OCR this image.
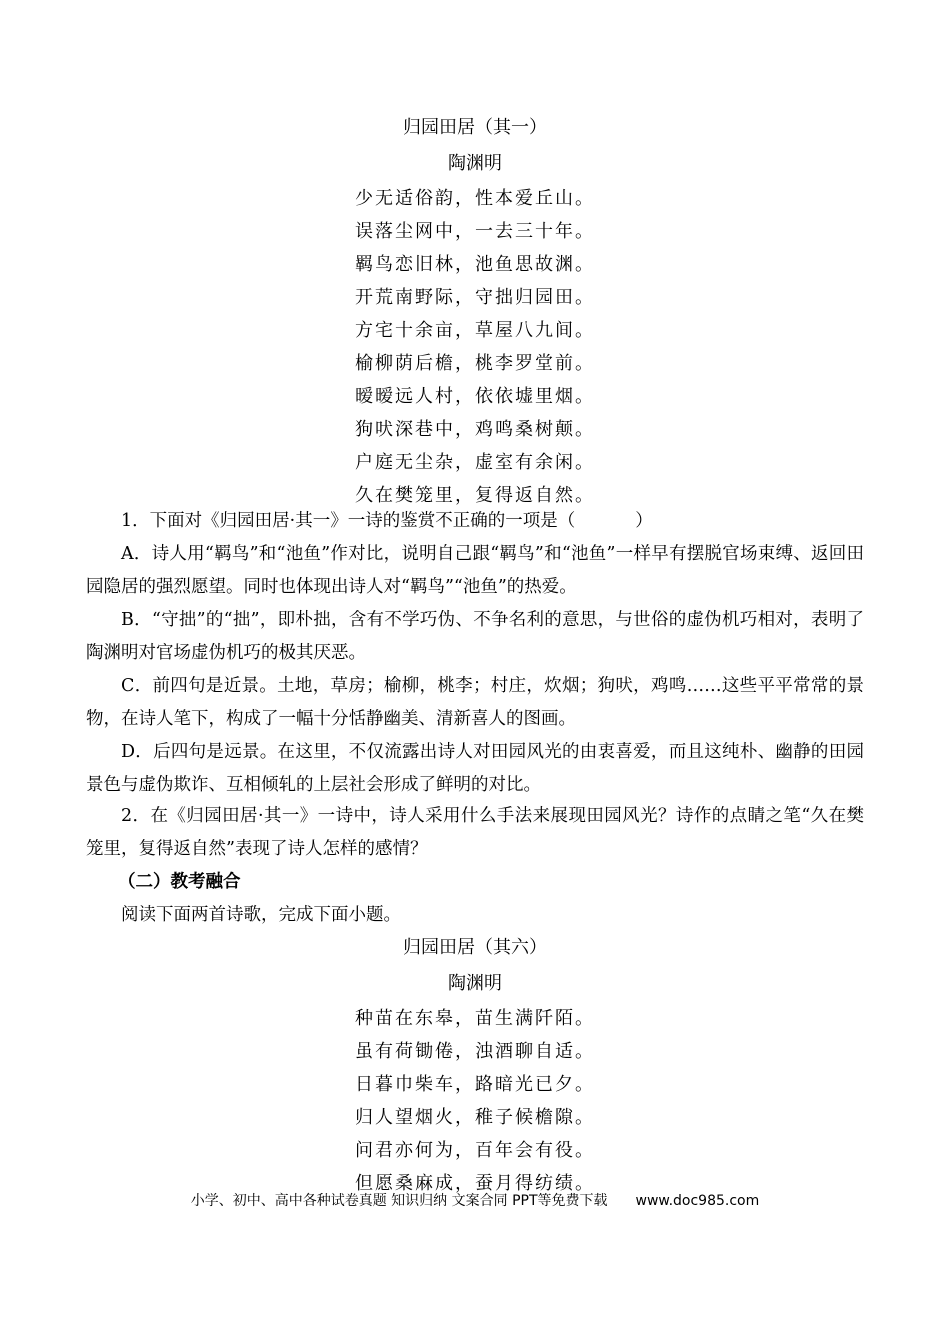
归园田居（其一）
陶渊明
少无适俗韵，性本爱丘山。
误落尘网中，一去三十年。
羁鸟恋旧林，池鱼思故渊。
开荒南野际，守拙归园田。
方宅十余亩，草屋八九间。
榆柳荫后檐，桃李罗堂前。
暧暧远人村，依依墟里烟。
狗吠深巷中，鸡鸣桑树颠。
户庭无尘杂，虚室有余闲。
久在樊笼里，复得返自然。
1．下面对《归园田居·其一》一诗的鉴赏不正确的一项是（	）
A．诗人用“羁鸟”和“池鱼”作对比，说明自己跟“羁鸟”和“池鱼”一样早有摆脱官场束缚、返回田园隐居的强烈愿望。同时也体现出诗人对“羁鸟”“池鱼”的热爱。
B．“守拙”的“拙”，即朴拙，含有不学巧伪、不争名利的意思，与世俗的虚伪机巧相对，表明了陶渊明对官场虚伪机巧的极其厌恶。
C．前四句是近景。土地，草房；榆柳，桃李；村庄，炊烟；狗吠，鸡鸣……这些平平常常的景物，在诗人笔下，构成了一幅十分恬静幽美、清新喜人的图画。
D．后四句是远景。在这里，不仅流露出诗人对田园风光的由衷喜爱，而且这纯朴、幽静的田园景色与虚伪欺诈、互相倾轧的上层社会形成了鲜明的对比。
2．在《归园田居·其一》一诗中，诗人采用什么手法来展现田园风光？诗作的点睛之笔“久在樊笼里，复得返自然”表现了诗人怎样的感情？
（二）教考融合
阅读下面两首诗歌，完成下面小题。
归园田居（其六）
陶渊明
种苗在东皋，苗生满阡陌。
虽有荷锄倦，浊酒聊自适。
日暮巾柴车，路暗光已夕。
归人望烟火，稚子候檐隙。
问君亦何为，百年会有役。
但愿桑麻成，蚕月得纺绩。
小学、初中、高中各种试卷真题 知识归纳 文案合同 PPT等免费下载 www.doc985.com
